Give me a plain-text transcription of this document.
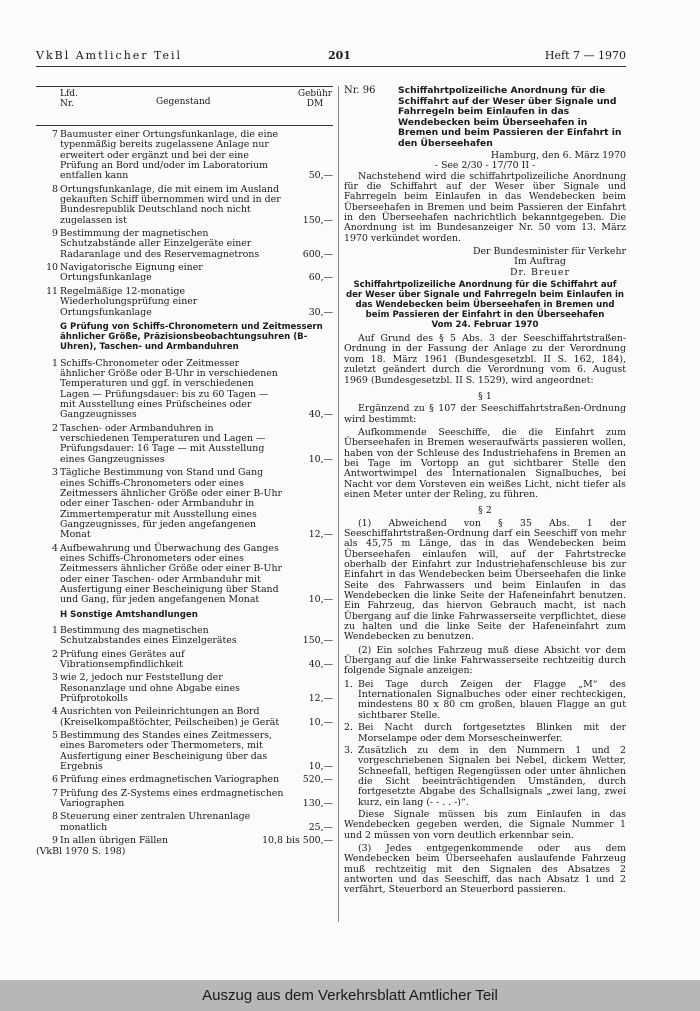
VkBl Amtlicher Teil	201	Heft 7 — 1970
Lfd. Nr.	Gegenstand
Gebühr DM
7 Baumuster einer Ortungsfunkanlage, die eine typenmäßig bereits zugelassene Anlage nur erweitert oder ergänzt und bei der eine Prüfung an Bord und/oder im Laboratorium entfallen kann	50,—
8 Ortungsfunkanlage, die mit einem im Ausland gekauften Schiff übernommen wird und in der Bundesrepublik Deutschland noch nicht zugelassen ist	150,—
9 Bestimmung der magnetischen Schutzabstände aller Einzelgeräte einer Radaranlage und des Reservemagnetrons	600,—
10 Navigatorische Eignung einer Ortungsfunkanlage	60,—
11 Regelmäßige 12-monatige Wiederholungsprüfung einer Ortungsfunkanlage	30,—
G Prüfung von Schiffs-Chronometern und Zeitmessern ähnlicher Größe, Präzisionsbeobachtungsuhren (B-Uhren), Taschen- und Armbanduhren
1 Schiffs-Chronometer oder Zeitmesser ähnlicher Größe oder B-Uhr in verschiedenen Temperaturen und ggf. in verschiedenen Lagen — Prüfungsdauer: bis zu 60 Tagen — mit Ausstellung eines Prüfscheines oder Gangzeugnisses	40,—
2 Taschen- oder Armbanduhren in verschiedenen Temperaturen und Lagen — Prüfungsdauer: 16 Tage — mit Ausstellung eines Gangzeugnisses	10,—
3 Tägliche Bestimmung von Stand und Gang eines Schiffs-Chronometers oder eines Zeitmessers ähnlicher Größe oder einer B-Uhr oder einer Taschen- oder Armbanduhr in Zimmertemperatur mit Ausstellung eines Gangzeugnisses, für jeden angefangenen Monat	12,—
4 Aufbewahrung und Überwachung des Ganges eines Schiffs-Chronometers oder eines Zeitmessers ähnlicher Größe oder einer B-Uhr oder einer Taschen- oder Armbanduhr mit Ausfertigung einer Bescheinigung über Stand und Gang, für jeden angefangenen Monat	10,—
H Sonstige Amtshandlungen
1 Bestimmung des magnetischen Schutzabstandes eines Einzelgerätes	150,—
2 Prüfung eines Gerätes auf Vibrationsempfindlichkeit	40,—
3 wie 2, jedoch nur Feststellung der Resonanzlage und ohne Abgabe eines Prüfprotokolls	12,—
4 Ausrichten von Peileinrichtungen an Bord (Kreiselkompaßtöchter, Peilscheiben) je Gerät	10,—
5 Bestimmung des Standes eines Zeitmessers, eines Barometers oder Thermometers, mit Ausfertigung einer Bescheinigung über das Ergebnis	10,—
6 Prüfung eines erdmagnetischen Variographen	520,—
7 Prüfung des Z-Systems eines erdmagnetischen Variographen	130,—
8 Steuerung einer zentralen Uhrenanlage monatlich	25,—
9 In allen übrigen Fällen	10,8 bis 500,—
(VkBl 1970 S. 198)
Nr. 96 Schiffahrtpolizeiliche Anordnung für die Schiffahrt auf der Weser über Signale und Fahrregeln beim Einlaufen in das Wendebecken beim Überseehafen in Bremen und beim Passieren der Einfahrt in den Überseehafen
Hamburg, den 6. März 1970
- See 2/30 - 17/70 II -

Nachstehend wird die schiffahrtpolizeiliche Anordnung für die Schiffahrt auf der Weser über Signale und Fahrregeln beim Einlaufen in das Wendebecken beim Überseehafen in Bremen und beim Passieren der Einfahrt in den Überseehafen nachrichtlich bekanntgegeben. Die Anordnung ist im Bundesanzeiger Nr. 50 vom 13. März 1970 verkündet worden.

Der Bundesminister für Verkehr
Im Auftrag
Dr. Breuer
Schiffahrtpolizeiliche Anordnung für die Schiffahrt auf der Weser über Signale und Fahrregeln beim Einlaufen in das Wendebecken beim Überseehafen in Bremen und beim Passieren der Einfahrt in den Überseehafen
Vom 24. Februar 1970

Auf Grund des § 5 Abs. 3 der Seeschiffahrtstraßen-Ordnung in der Fassung der Anlage zu der Verordnung vom 18. März 1961 (Bundesgesetzbl. II S. 162, 184), zuletzt geändert durch die Verordnung vom 6. August 1969 (Bundesgesetzbl. II S. 1529), wird angeordnet:

§ 1

Ergänzend zu § 107 der Seeschiffahrtstraßen-Ordnung wird bestimmt:

Aufkommende Seeschiffe, die die Einfahrt zum Überseehafen in Bremen weseraufwärts passieren wollen, haben von der Schleuse des Industriehafens in Bremen an bei Tage im Vortopp an gut sichtbarer Stelle den Antwortwimpel des Internationalen Signalbuches, bei Nacht vor dem Vorsteven ein weißes Licht, nicht tiefer als einen Meter unter der Reling, zu führen.

§ 2

(1) Abweichend von § 35 Abs. 1 der Seeschiffahrtstraßen-Ordnung darf ein Seeschiff von mehr als 45,75 m Länge, das in das Wendebecken beim Überseehafen einlaufen will, auf der Fahrtstrecke oberhalb der Einfahrt zur Industriehafenschleuse bis zur Einfahrt in das Wendebecken beim Überseehafen die linke Seite des Fahrwassers und beim Einlaufen in das Wendebecken die linke Seite der Hafeneinfahrt benutzen. Ein Fahrzeug, das hiervon Gebrauch macht, ist nach Übergang auf die linke Fahrwasserseite verpflichtet, diese zu halten und die linke Seite der Hafeneinfahrt zum Wendebecken zu benutzen.

(2) Ein solches Fahrzeug muß diese Absicht vor dem Übergang auf die linke Fahrwasserseite rechtzeitig durch folgende Signale anzeigen:

1. Bei Tage durch Zeigen der Flagge „M“ des Internationalen Signalbuches oder einer rechteckigen, mindestens 80 x 80 cm großen, blauen Flagge an gut sichtbarer Stelle.
2. Bei Nacht durch fortgesetztes Blinken mit der Morselampe oder dem Morsescheinwerfer.
3. Zusätzlich zu dem in den Nummern 1 und 2 vorgeschriebenen Signalen bei Nebel, dickem Wetter, Schneefall, heftigen Regengüssen oder unter ähnlichen die Sicht beeinträchtigenden Umständen, durch fortgesetzte Abgabe des Schallsignals „zwei lang, zwei kurz, ein lang (- - . . -)“.

Diese Signale müssen bis zum Einlaufen in das Wendebecken gegeben werden, die Signale Nummer 1 und 2 müssen von vorn deutlich erkennbar sein.

(3) Jedes entgegenkommende oder aus dem Wendebecken beim Überseehafen auslaufende Fahrzeug muß rechtzeitig mit den Signalen des Absatzes 2 antworten und das Seeschiff, das nach Absatz 1 und 2 verfährt, Steuerbord an Steuerbord passieren.

Auszug aus dem Verkehrsblatt Amtlicher Teil
